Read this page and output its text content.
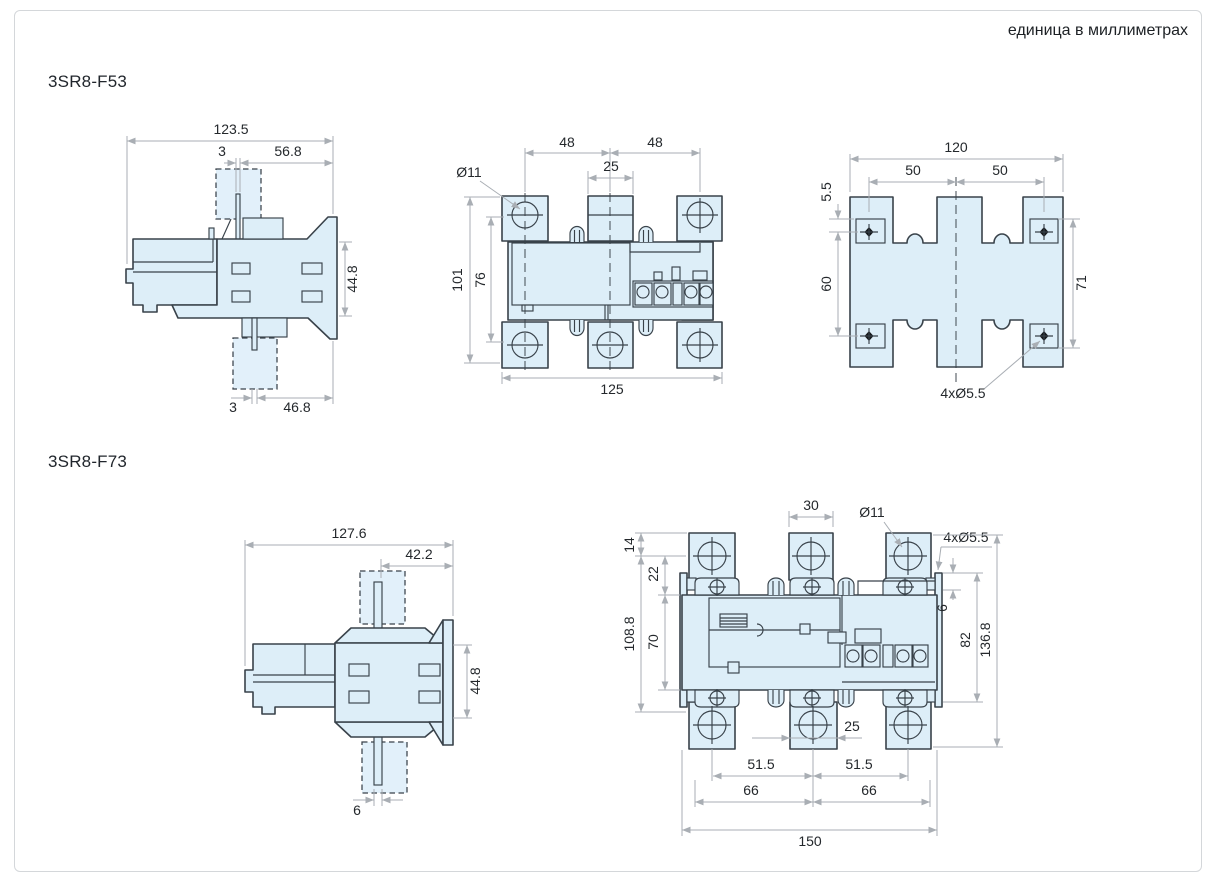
единица в миллиметрах
3SR8-F53
3SR8-F73
123.5
3	56.8
44.8
3	46.8
48	48
25
Ø11
101 76
125
120
50	50
5.5
60	71
4xØ5.5
127.6
42.2
44.8
6
30	Ø11
4xØ5.5
14
22
70
108.8
6
82 136.8
25
51.5	51.5
66	66
150
